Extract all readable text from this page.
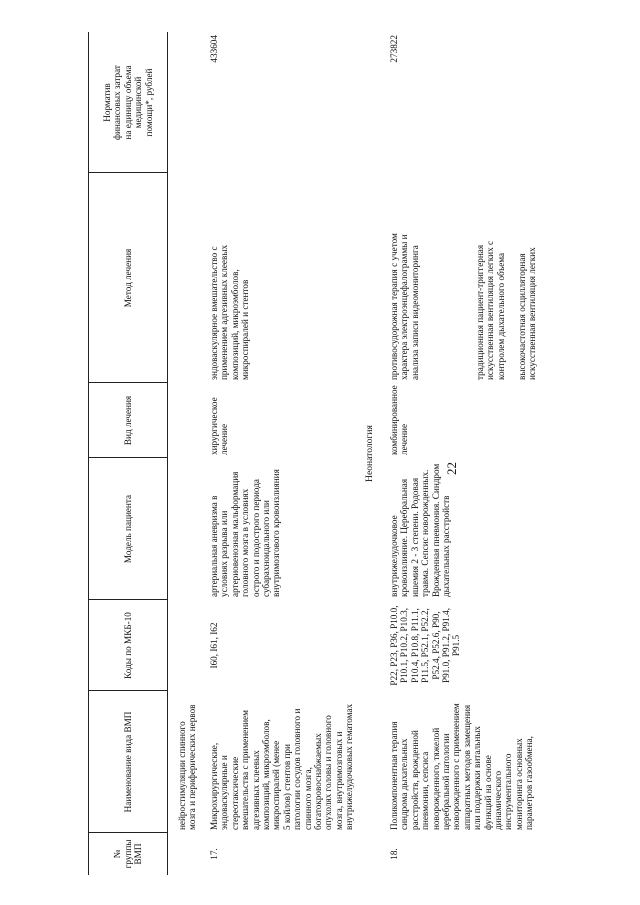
22
№
группы
ВМП
Наименование вида ВМП
Коды по МКБ-10
Модель пациента
Вид лечения
Метод лечения
Норматив
финансовых затрат
на единицу объема
медицинской
помощи*, рублей
нейростимуляции спинного
мозга и периферических нервов
17.
Микрохирургические,
эндоваскулярные и
стереотаксические
вмешательства с применением
адгезивных клеевых
композиций, микроэмболов,
микроспиралей (менее
5 койлов) стентов при
патологии сосудов головного и
спинного мозга,
богатокровоснабжаемых
опухолях головы и головного
мозга, внутримозговых и
внутрижелудочковых гематомах
I60, I61, I62
артериальная аневризма в
условиях разрыва или
артериовенозная мальформация
головного мозга в условиях
острого и подострого периода
субарахноидального или
внутримозгового кровоизлияния
хирургическое
лечение
эндоваскулярное вмешательство с
применением адгезивных клеевых
композиций, микроэмболов,
микроспиралей и стентов
433604
Неонатология
18.
Поликомпонентная терапия
синдрома дыхательных
расстройств, врожденной
пневмонии, сепсиса
новорожденного, тяжелой
церебральной патологии
новорожденного с применением
аппаратных методов замещения
или поддержки витальных
функций на основе
динамического
инструментального
мониторинга основных
параметров газообмена,
P22, P23, P36, P10.0,
P10.1, P10.2, P10.3,
P10.4, P10.8, P11.1,
P11.5, P52.1, P52.2,
P52.4, P52.6, P90,
P91.0, P91.2, P91.4,
P91.5
внутрижелудочковое
кровоизлияние. Церебральная
ишемия 2 - 3 степени. Родовая
травма. Сепсис новорожденных.
Врожденная пневмония. Синдром
дыхательных расстройств
комбинированное
лечение
противосудорожная терапия с учетом
характера электроэнцефалограммы и
анализа записи видеомониторинга
традиционная пациент-триггерная
искусственная вентиляция легких с
контролем дыхательного объема
высокочастотная осцилляторная
искусственная вентиляция легких
273822
